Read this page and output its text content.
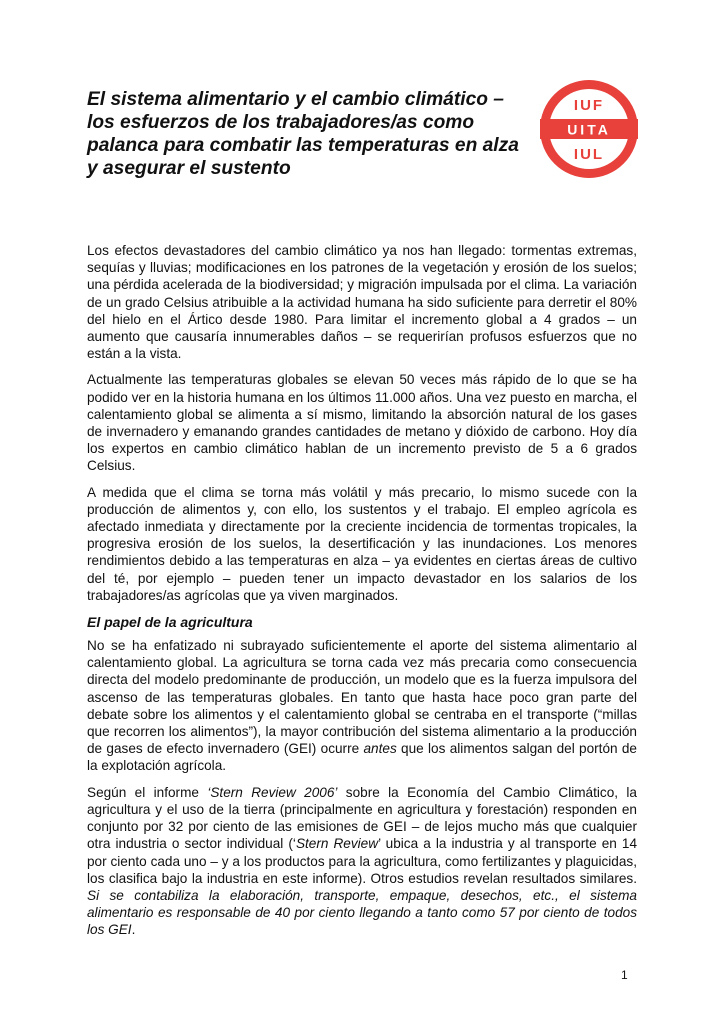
El sistema alimentario y el cambio climático – los esfuerzos de los trabajadores/as como palanca para combatir las temperaturas en alza y asegurar el sustento
IUF
UITA
IUL

Los efectos devastadores del cambio climático ya nos han llegado: tormentas extremas, sequías y lluvias; modificaciones en los patrones de la vegetación y erosión de los suelos; una pérdida acelerada de la biodiversidad; y migración impulsada por el clima. La variación de un grado Celsius atribuible a la actividad humana ha sido suficiente para derretir el 80% del hielo en el Ártico desde 1980. Para limitar el incremento global a 4 grados – un aumento que causaría innumerables daños – se requerirían profusos esfuerzos que no están a la vista.

Actualmente las temperaturas globales se elevan 50 veces más rápido de lo que se ha podido ver en la historia humana en los últimos 11.000 años. Una vez puesto en marcha, el calentamiento global se alimenta a sí mismo, limitando la absorción natural de los gases de invernadero y emanando grandes cantidades de metano y dióxido de carbono. Hoy día los expertos en cambio climático hablan de un incremento previsto de 5 a 6 grados Celsius.

A medida que el clima se torna más volátil y más precario, lo mismo sucede con la producción de alimentos y, con ello, los sustentos y el trabajo. El empleo agrícola es afectado inmediata y directamente por la creciente incidencia de tormentas tropicales, la progresiva erosión de los suelos, la desertificación y las inundaciones. Los menores rendimientos debido a las temperaturas en alza – ya evidentes en ciertas áreas de cultivo del té, por ejemplo – pueden tener un impacto devastador en los salarios de los trabajadores/as agrícolas que ya viven marginados.

El papel de la agricultura

No se ha enfatizado ni subrayado suficientemente el aporte del sistema alimentario al calentamiento global. La agricultura se torna cada vez más precaria como consecuencia directa del modelo predominante de producción, un modelo que es la fuerza impulsora del ascenso de las temperaturas globales. En tanto que hasta hace poco gran parte del debate sobre los alimentos y el calentamiento global se centraba en el transporte (“millas que recorren los alimentos”), la mayor contribución del sistema alimentario a la producción de gases de efecto invernadero (GEI) ocurre antes que los alimentos salgan del portón de la explotación agrícola.

Según el informe ‘Stern Review 2006’ sobre la Economía del Cambio Climático, la agricultura y el uso de la tierra (principalmente en agricultura y forestación) responden en conjunto por 32 por ciento de las emisiones de GEI – de lejos mucho más que cualquier otra industria o sector individual (‘Stern Review’ ubica a la industria y al transporte en 14 por ciento cada uno – y a los productos para la agricultura, como fertilizantes y plaguicidas, los clasifica bajo la industria en este informe). Otros estudios revelan resultados similares. Si se contabiliza la elaboración, transporte, empaque, desechos, etc., el sistema alimentario es responsable de 40 por ciento llegando a tanto como 57 por ciento de todos los GEI.

1
